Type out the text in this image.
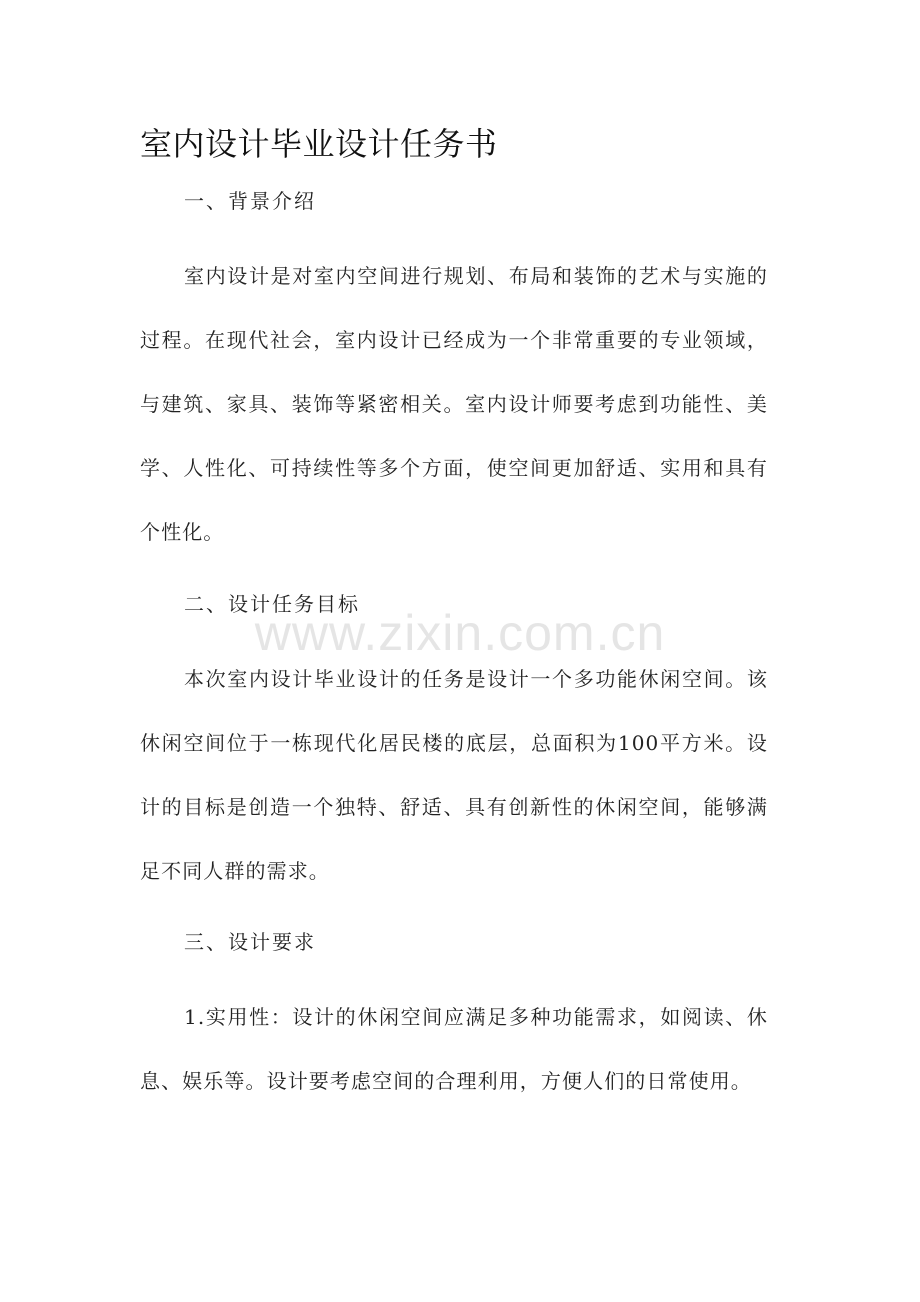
室内设计毕业设计任务书
一、背景介绍

室内设计是对室内空间进行规划、布局和装饰的艺术与实施的过程。在现代社会，室内设计已经成为一个非常重要的专业领域，与建筑、家具、装饰等紧密相关。室内设计师要考虑到功能性、美学、人性化、可持续性等多个方面，使空间更加舒适、实用和具有个性化。

二、设计任务目标

本次室内设计毕业设计的任务是设计一个多功能休闲空间。该休闲空间位于一栋现代化居民楼的底层，总面积为100平方米。设计的目标是创造一个独特、舒适、具有创新性的休闲空间，能够满足不同人群的需求。

三、设计要求

1.实用性：设计的休闲空间应满足多种功能需求，如阅读、休息、娱乐等。设计要考虑空间的合理利用，方便人们的日常使用。

www.zixin.com.cn
